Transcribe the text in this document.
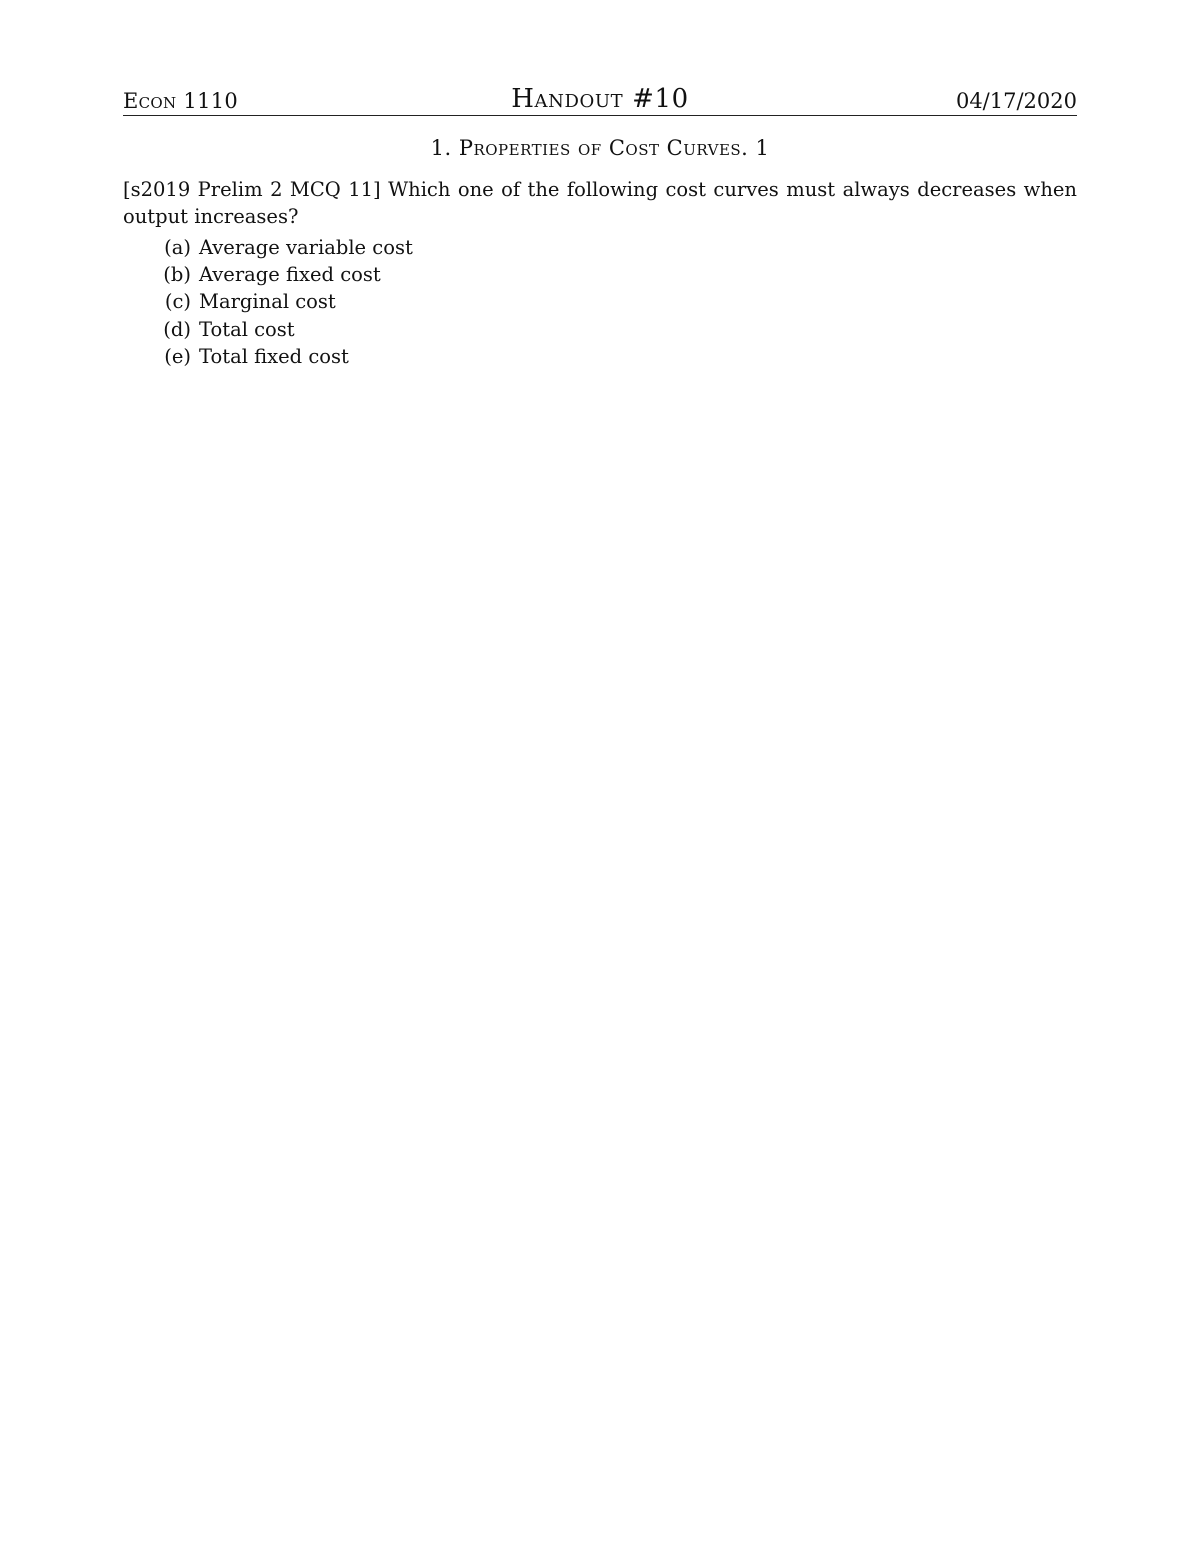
Econ 1110	Handout #10	04/17/2020
1. Properties of Cost Curves. 1
[s2019 Prelim 2 MCQ 11] Which one of the following cost curves must always decreases when output increases?
(a) Average variable cost
(b) Average fixed cost
(c) Marginal cost
(d) Total cost
(e) Total fixed cost
